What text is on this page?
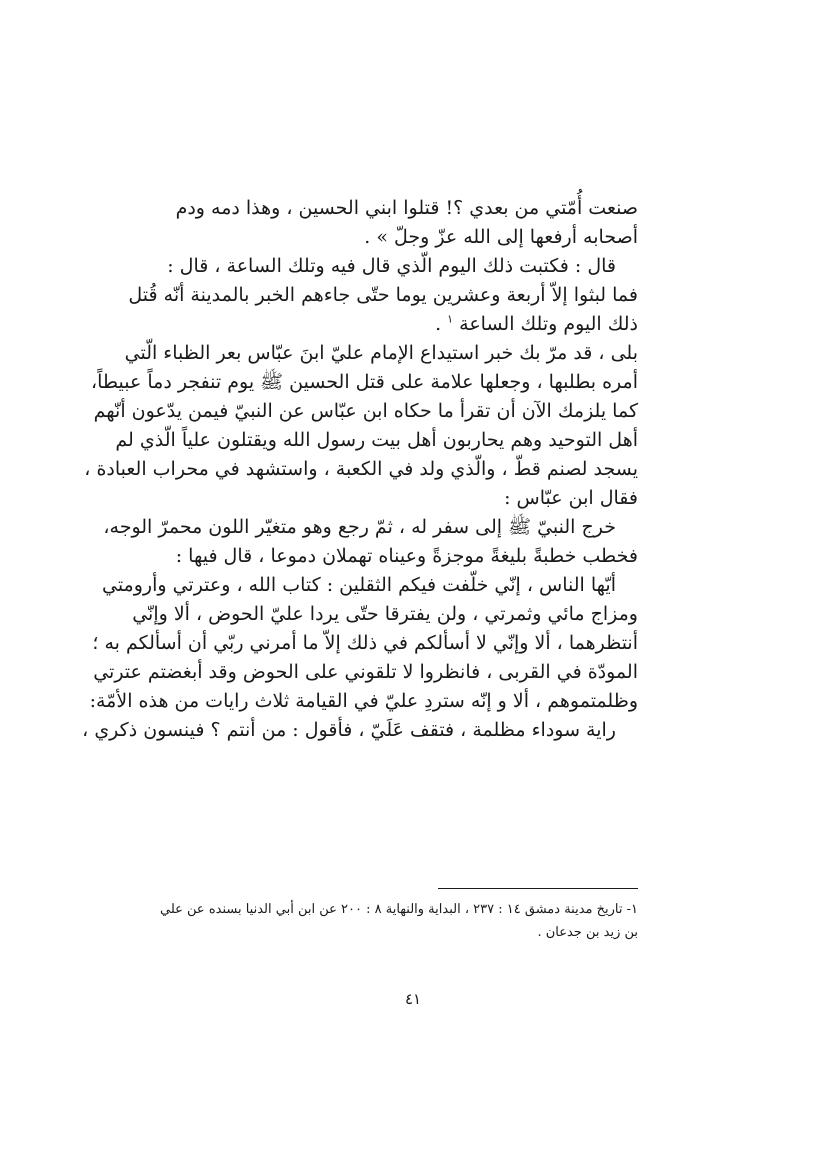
صنعت أُمّتي من بعدي ؟! قتلوا ابني الحسين ، وهذا دمه ودم
أصحابه أرفعها إلى الله عزّ وجلّ » .
قال : فكتبت ذلك اليوم الّذي قال فيه وتلك الساعة ، قال :
فما لبثوا إلاّ أربعة وعشرين يوما حتّى جاءهم الخبر بالمدينة أنّه قُتل
ذلك اليوم وتلك الساعة $^١$ .
بلى ، قد مرّ بك خبر استيداع الإمام عليّ ابنَ عبّاس بعر الظباء الّتي
أمره بطلبها ، وجعلها علامة على قتل الحسين ﷺ يوم تنفجر دماً عبيطاً،
كما يلزمك الآن أن تقرأ ما حكاه ابن عبّاس عن النبيّ فيمن يدّعون أنّهم
أهل التوحيد وهم يحاربون أهل بيت رسول الله ويقتلون علياً الّذي لم
يسجد لصنم قطّ ، والّذي ولد في الكعبة ، واستشهد في محراب العبادة ،
فقال ابن عبّاس :
خرج النبيّ ﷺ إلى سفر له ، ثمّ رجع وهو متغيّر اللون محمرّ الوجه،
فخطب خطبةً بليغةً موجزةً وعيناه تهملان دموعا ، قال فيها :
أيّها الناس ، إنّي خلّفت فيكم الثقلين : كتاب الله ، وعترتي وأرومتي
ومزاج مائي وثمرتي ، ولن يفترقا حتّى يردا عليّ الحوض ، ألا وإنّي
أنتظرهما ، ألا وإنّي لا أسألكم في ذلك إلاّ ما أمرني ربّي أن أسألكم به ؛
المودّة في القربى ، فانظروا لا تلقوني على الحوض وقد أبغضتم عترتي
وظلمتموهم ، ألا و إنّه ستردِ عليّ في القيامة ثلاث رايات من هذه الأمّة:
راية سوداء مظلمة ، فتقف عَلَيّ ، فأقول : من أنتم ؟ فينسون ذكري ،
١- تاريخ مدينة دمشق ١٤ : ٢٣٧ ، البداية والنهاية ٨ : ٢٠٠ عن ابن أبي الدنيا بسنده عن علي
بن زيد بن جدعان .
٤١
